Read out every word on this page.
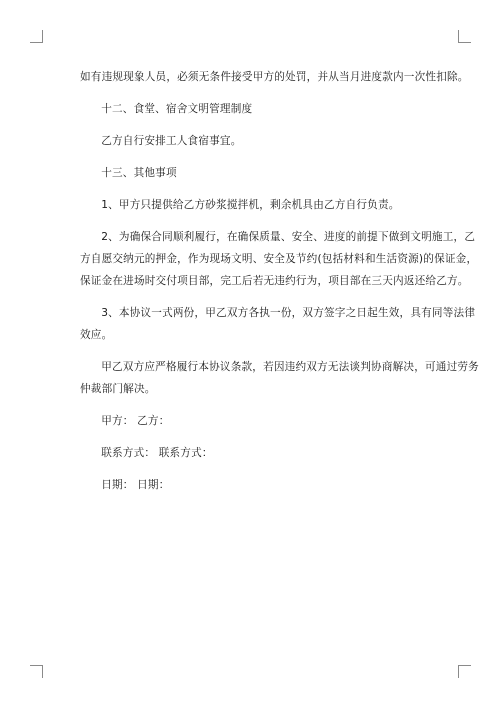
如有违规现象人员，必须无条件接受甲方的处罚，并从当月进度款内一次性扣除。

十二、食堂、宿舍文明管理制度

乙方自行安排工人食宿事宜。

十三、其他事项

1、甲方只提供给乙方砂浆搅拌机，剩余机具由乙方自行负责。

2、为确保合同顺利履行，在确保质量、安全、进度的前提下做到文明施工，乙
方自愿交纳元的押金，作为现场文明、安全及节约(包括材料和生活资源)的保证金，
保证金在进场时交付项目部，完工后若无违约行为，项目部在三天内返还给乙方。

3、本协议一式两份，甲乙双方各执一份，双方签字之日起生效，具有同等法律
效应。

甲乙双方应严格履行本协议条款，若因违约双方无法谈判协商解决，可通过劳务
仲裁部门解决。

甲方： 乙方：

联系方式： 联系方式：

日期： 日期：
